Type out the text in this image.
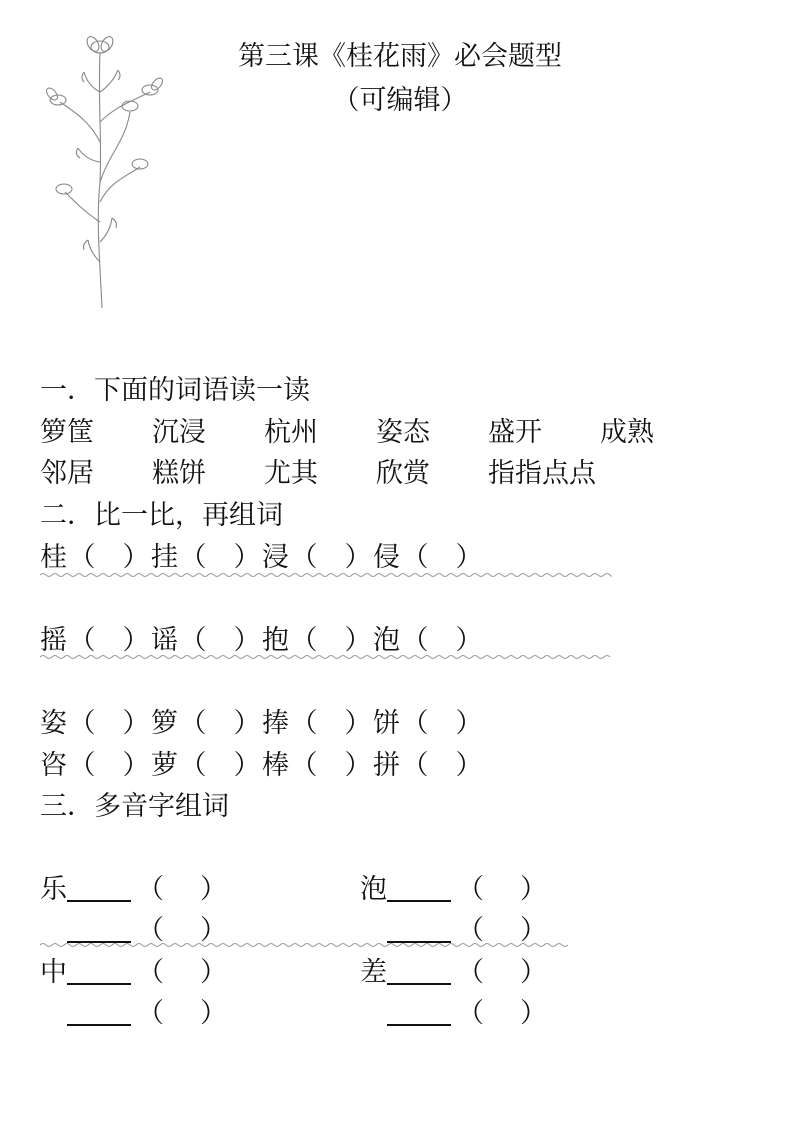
第三课《桂花雨》必会题型
（可编辑）
一．下面的词语读一读
箩筐 沉浸 杭州 姿态 盛开 成熟
邻居 糕饼 尤其 欣赏 指指点点
二．比一比，再组词
桂（ ）挂（ ）浸（ ）侵（ ）
摇（ ）谣（ ）抱（ ）泡（ ）
姿（ ）箩（ ）捧（ ）饼（ ）
咨（ ）萝（ ）棒（ ）拼（ ）
三．多音字组词
乐	（ ）	泡	（ ）
（ ）	（ ）
中	（ ）	差	（ ）
（ ）	（ ）
